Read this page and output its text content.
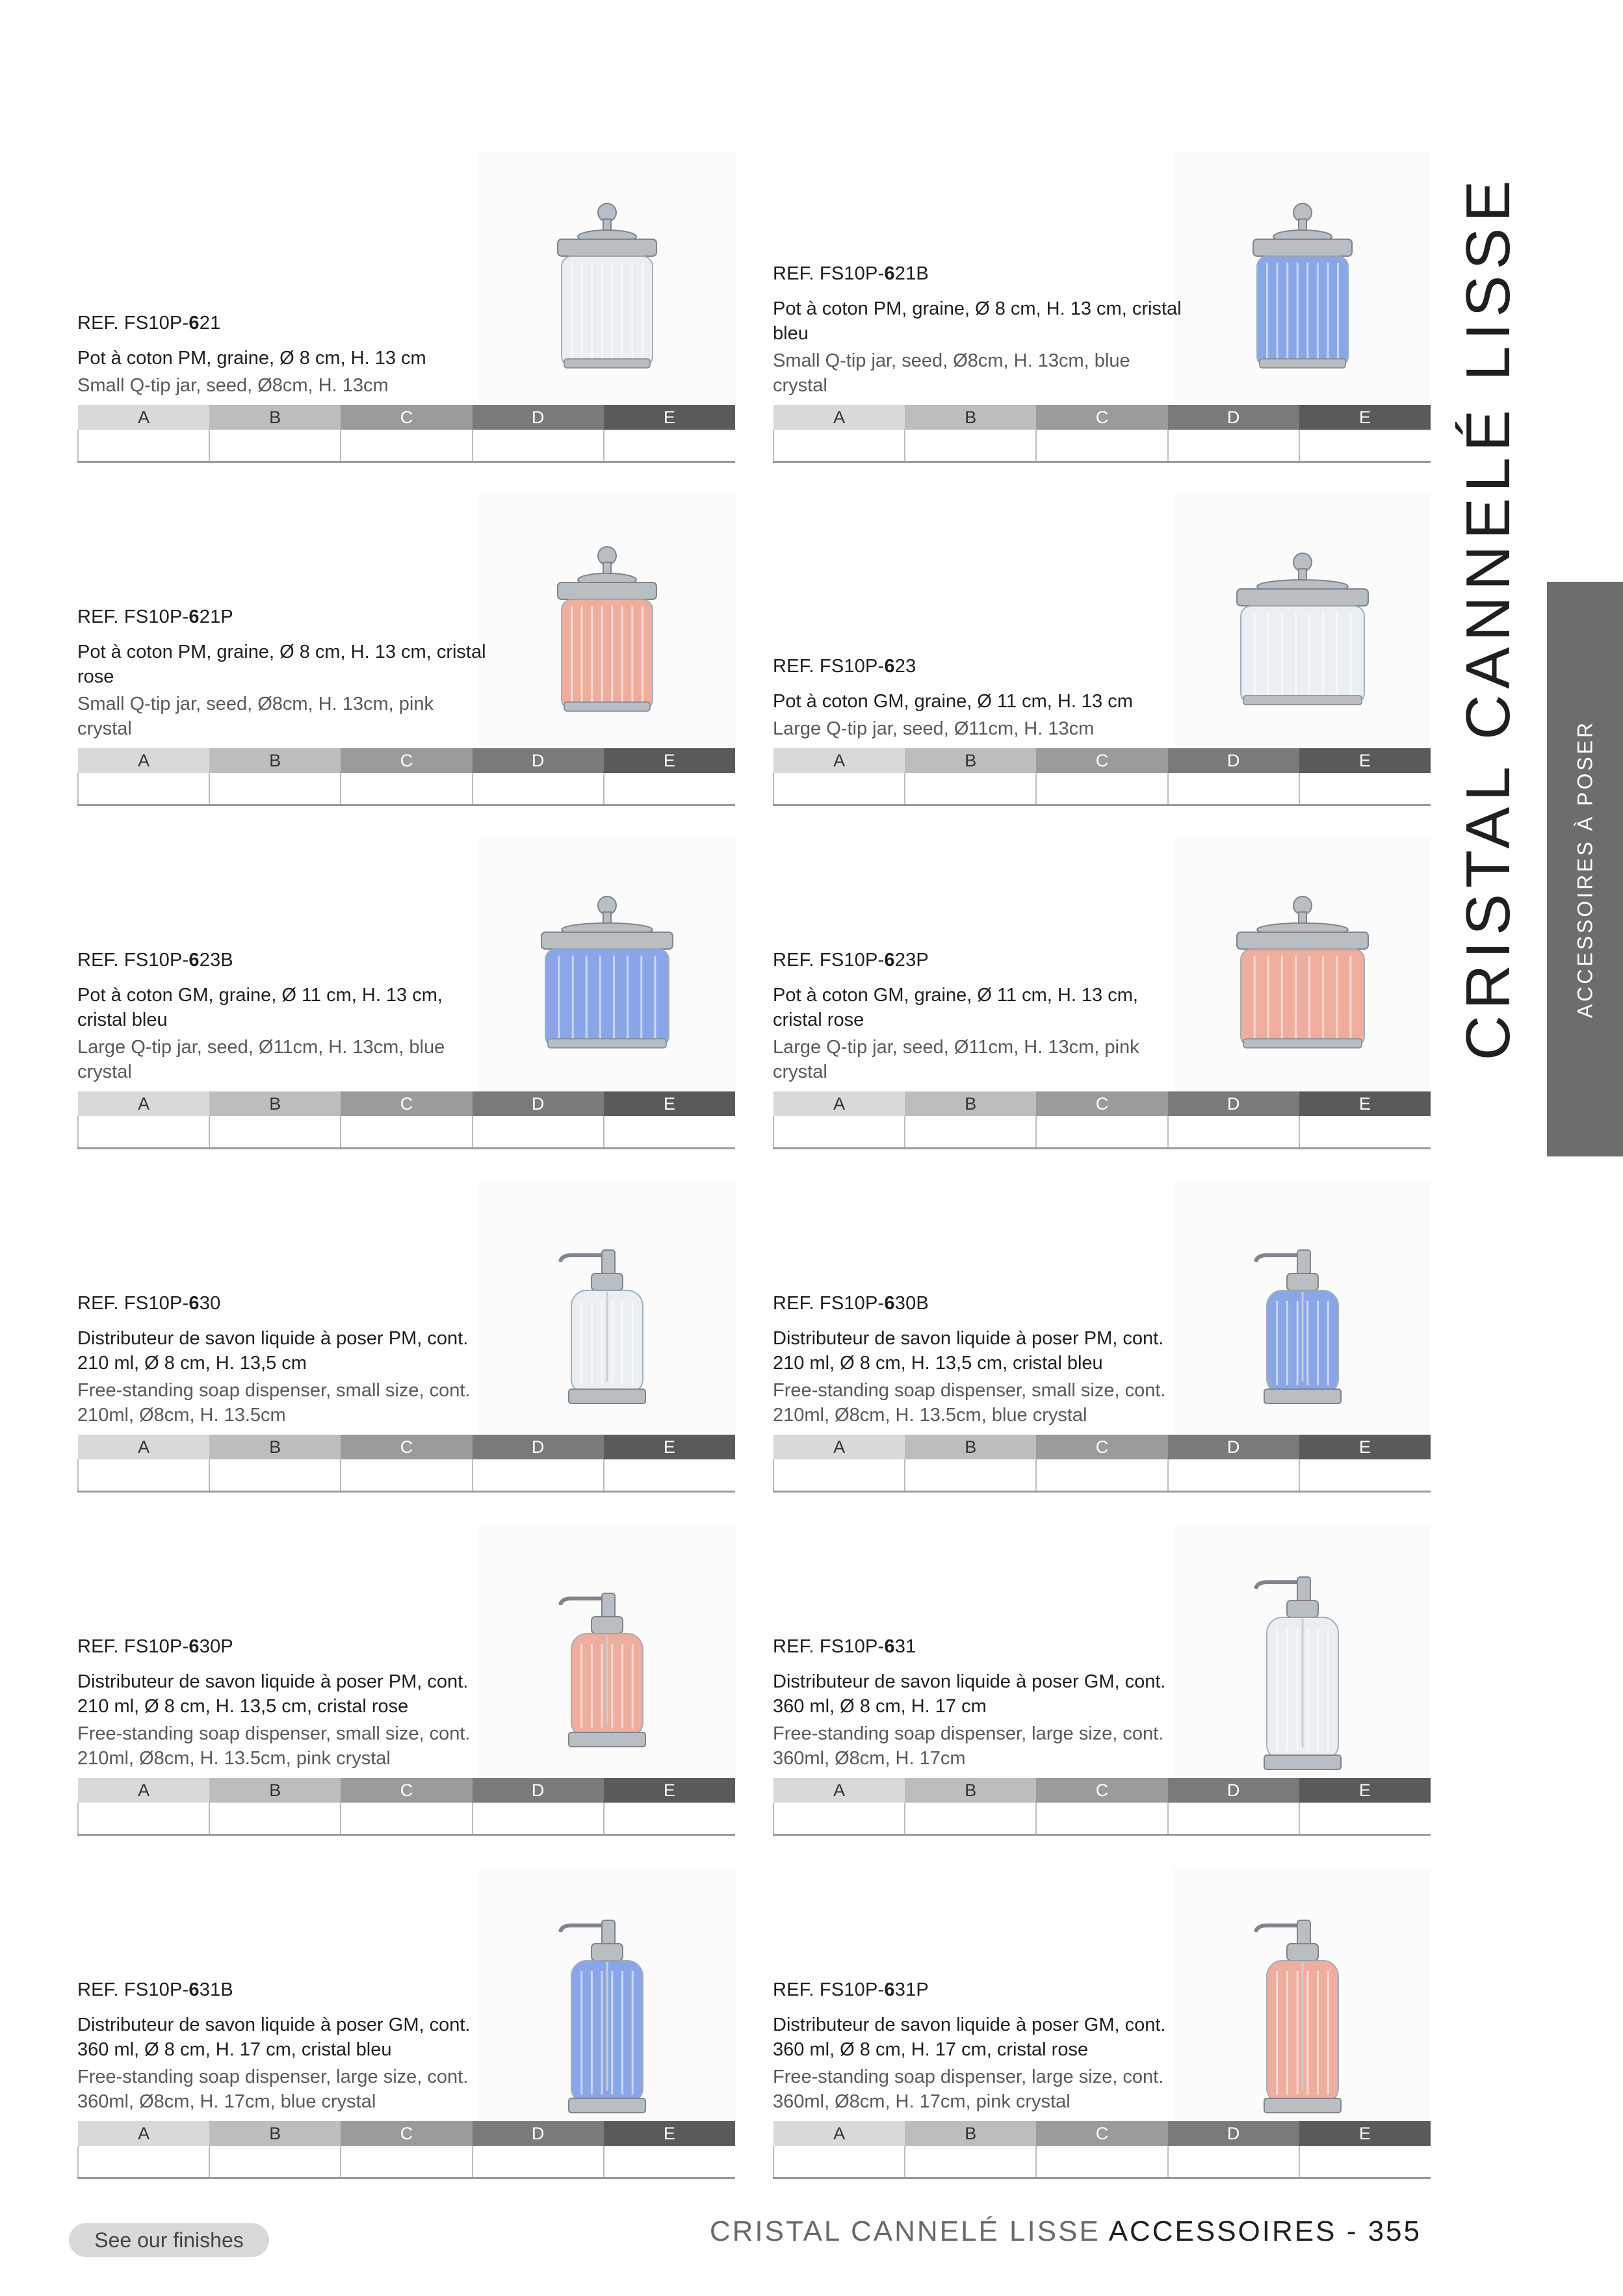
REF. FS10P-621
Pot à coton PM, graine, Ø 8 cm, H. 13 cm
Small Q-tip jar, seed, Ø8cm, H. 13cm
A	B	C	D	E

REF. FS10P-621B
Pot à coton PM, graine, Ø 8 cm, H. 13 cm, cristal bleu
Small Q-tip jar, seed, Ø8cm, H. 13cm, blue crystal
A	B	C	D	E

REF. FS10P-621P
Pot à coton PM, graine, Ø 8 cm, H. 13 cm, cristal rose
Small Q-tip jar, seed, Ø8cm, H. 13cm, pink crystal
A	B	C	D	E

REF. FS10P-623
Pot à coton GM, graine, Ø 11 cm, H. 13 cm
Large Q-tip jar, seed, Ø11cm, H. 13cm
A	B	C	D	E

REF. FS10P-623B
Pot à coton GM, graine, Ø 11 cm, H. 13 cm, cristal bleu
Large Q-tip jar, seed, Ø11cm, H. 13cm, blue crystal
A	B	C	D	E

REF. FS10P-623P
Pot à coton GM, graine, Ø 11 cm, H. 13 cm, cristal rose
Large Q-tip jar, seed, Ø11cm, H. 13cm, pink crystal
A	B	C	D	E

REF. FS10P-630
Distributeur de savon liquide à poser PM, cont. 210 ml, Ø 8 cm, H. 13,5 cm
Free-standing soap dispenser, small size, cont. 210ml, Ø8cm, H. 13.5cm
A	B	C	D	E

REF. FS10P-630B
Distributeur de savon liquide à poser PM, cont. 210 ml, Ø 8 cm, H. 13,5 cm, cristal bleu
Free-standing soap dispenser, small size, cont. 210ml, Ø8cm, H. 13.5cm, blue crystal
A	B	C	D	E

REF. FS10P-630P
Distributeur de savon liquide à poser PM, cont. 210 ml, Ø 8 cm, H. 13,5 cm, cristal rose
Free-standing soap dispenser, small size, cont. 210ml, Ø8cm, H. 13.5cm, pink crystal
A	B	C	D	E

REF. FS10P-631
Distributeur de savon liquide à poser GM, cont. 360 ml, Ø 8 cm, H. 17 cm
Free-standing soap dispenser, large size, cont. 360ml, Ø8cm, H. 17cm
A	B	C	D	E

REF. FS10P-631B
Distributeur de savon liquide à poser GM, cont. 360 ml, Ø 8 cm, H. 17 cm, cristal bleu
Free-standing soap dispenser, large size, cont. 360ml, Ø8cm, H. 17cm, blue crystal
A	B	C	D	E

REF. FS10P-631P
Distributeur de savon liquide à poser GM, cont. 360 ml, Ø 8 cm, H. 17 cm, cristal rose
Free-standing soap dispenser, large size, cont. 360ml, Ø8cm, H. 17cm, pink crystal
A	B	C	D	E

CRISTAL CANNELÉ LISSE ACCESSOIRES À POSER
See our finishes	CRISTAL CANNELÉ LISSE ACCESSOIRES - 355
